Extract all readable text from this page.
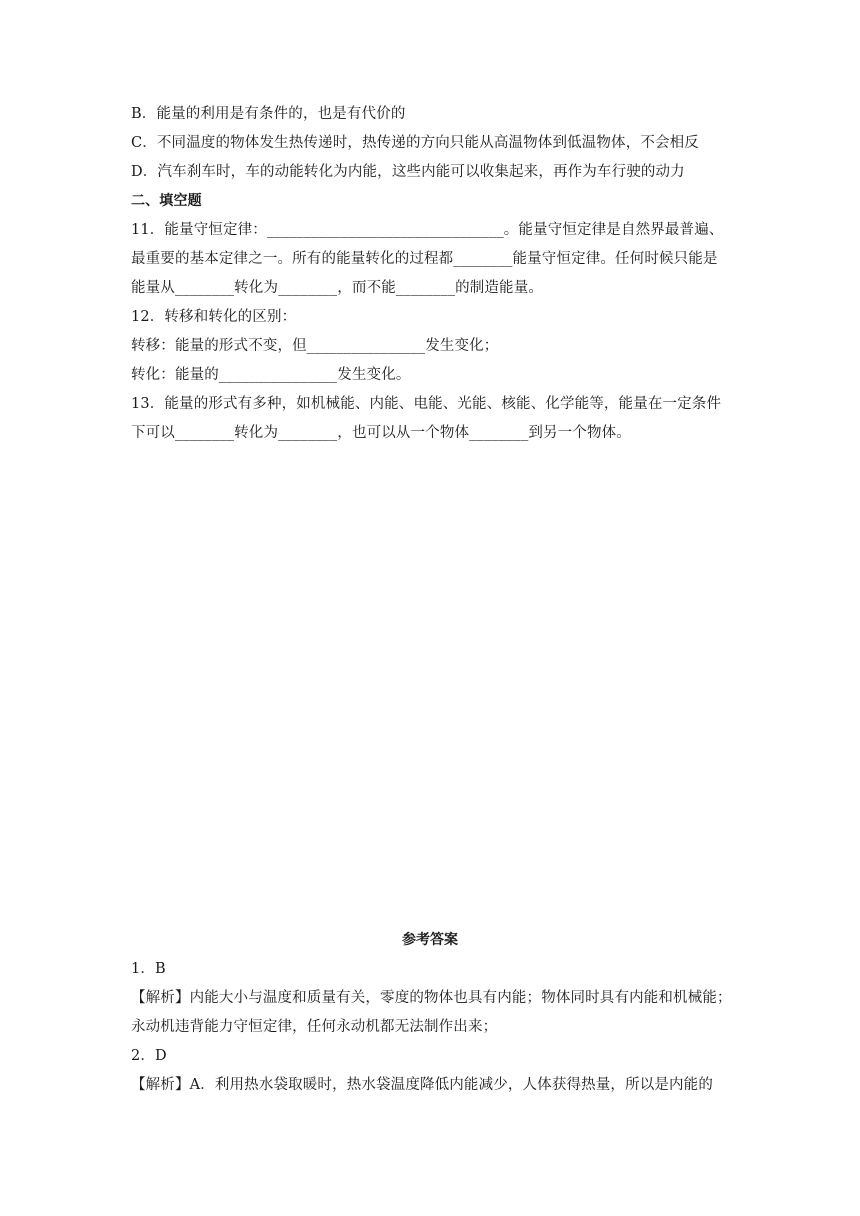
B．能量的利用是有条件的，也是有代价的
C．不同温度的物体发生热传递时，热传递的方向只能从高温物体到低温物体，不会相反
D．汽车刹车时，车的动能转化为内能，这些内能可以收集起来，再作为车行驶的动力
二、填空题
11．能量守恒定律：________________________________。能量守恒定律是自然界最普遍、
最重要的基本定律之一。所有的能量转化的过程都________能量守恒定律。任何时候只能是
能量从________转化为________，而不能________的制造能量。
12．转移和转化的区别：
转移：能量的形式不变，但________________发生变化；
转化：能量的________________发生变化。
13．能量的形式有多种，如机械能、内能、电能、光能、核能、化学能等，能量在一定条件
下可以________转化为________，也可以从一个物体________到另一个物体。
参考答案
1．B
【解析】内能大小与温度和质量有关，零度的物体也具有内能；物体同时具有内能和机械能；
永动机违背能力守恒定律，任何永动机都无法制作出来；
2．D
【解析】A．利用热水袋取暖时，热水袋温度降低内能减少，人体获得热量，所以是内能的
